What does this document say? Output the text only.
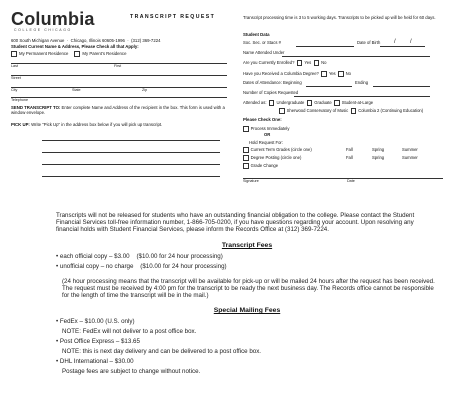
Columbia
COLLEGE CHICAGO
TRANSCRIPT REQUEST
600 South Michigan Avenue  ·  Chicago, Illinois 60605-1996  ·  (312) 369-7224
Student Current Name & Address, Please Check all that Apply:
My Permanent Residence	My Parent's Residence
Last	First
Street
City	State	Zip
Telephone
SEND TRANSCRIPT TO: Enter complete Name and Address of the recipient in the box. This form is used with a window envelope.
PICK UP: Write "Pick Up" in the address box below if you will pick up transcript.
Transcript processing time is 3 to 5 working days. Transcripts to be picked up will be held for 60 days.
Student Data
Soc. Sec. or Stacs #	Date of Birth / /
Name Attended Under
Are you Currently Enrolled? Yes No
Have you Received a Columbia Degree? Yes No
Dates of Attendance: Beginning	Ending
Number of Copies Requested
Attended as: Undergraduate Graduate Student-at-Large
Sherwood Conservatory of Music Columbia 2 (Continuing Education)
Please Check One:
Process Immediately
OR
Hold Request For:
Current Term Grades (circle one)	Fall	Spring	Summer
Degree Posting (circle one)	Fall	Spring	Summer
Grade Change
Signature	Date
Transcripts will not be released for students who have an outstanding financial obligation to the college. Please contact the Student Financial Services toll-free information number, 1-866-705-0200, if you have questions regarding your account. Upon resolving any financial holds with Student Financial Services, please inform the Records Office at (312) 369-7224.
Transcript Fees
• each official copy – $3.00    ($10.00 for 24 hour processing)
• unofficial copy – no charge    ($10.00 for 24 hour processing)
(24 hour processing means that the transcript will be available for pick-up or will be mailed 24 hours after the request has been received. The request must be received by 4:00 pm for the transcript to be ready the next business day. The Records office cannot be responsible for the length of time the transcript will be in the mail.)
Special Mailing Fees
• FedEx – $10.00 (U.S. only)
NOTE: FedEx will not deliver to a post office box.
• Post Office Express – $13.65
NOTE: this is next day delivery and can be delivered to a post office box.
• DHL International – $30.00
Postage fees are subject to change without notice.
